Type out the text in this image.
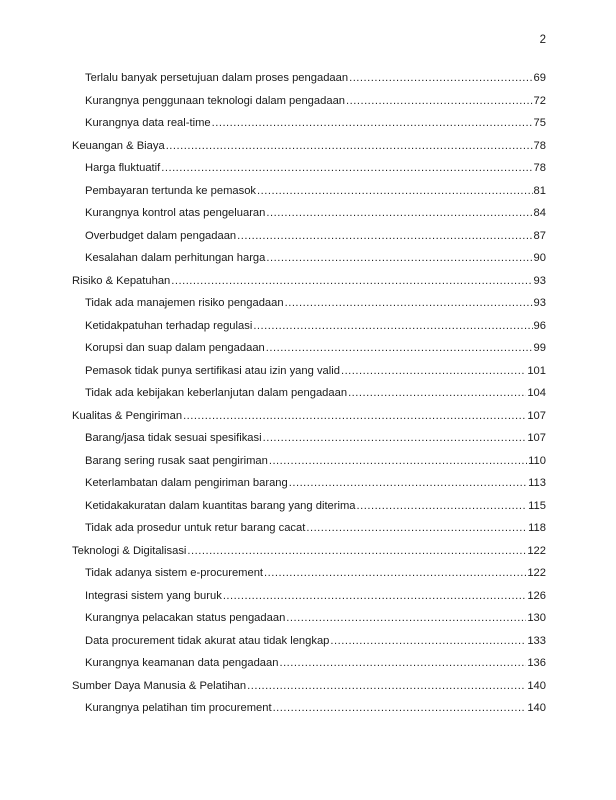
2
Terlalu banyak persetujuan dalam proses pengadaan .....	69
Kurangnya penggunaan teknologi dalam pengadaan .....	72
Kurangnya data real-time .....	75
Keuangan & Biaya .....	78
Harga fluktuatif .....	78
Pembayaran tertunda ke pemasok .....	81
Kurangnya kontrol atas pengeluaran .....	84
Overbudget dalam pengadaan .....	87
Kesalahan dalam perhitungan harga .....	90
Risiko & Kepatuhan .....	93
Tidak ada manajemen risiko pengadaan .....	93
Ketidakpatuhan terhadap regulasi .....	96
Korupsi dan suap dalam pengadaan .....	99
Pemasok tidak punya sertifikasi atau izin yang valid .....	101
Tidak ada kebijakan keberlanjutan dalam pengadaan .....	104
Kualitas & Pengiriman .....	107
Barang/jasa tidak sesuai spesifikasi .....	107
Barang sering rusak saat pengiriman .....	110
Keterlambatan dalam pengiriman barang .....	113
Ketidakakuratan dalam kuantitas barang yang diterima .....	115
Tidak ada prosedur untuk retur barang cacat .....	118
Teknologi & Digitalisasi .....	122
Tidak adanya sistem e-procurement .....	122
Integrasi sistem yang buruk .....	126
Kurangnya pelacakan status pengadaan .....	130
Data procurement tidak akurat atau tidak lengkap .....	133
Kurangnya keamanan data pengadaan .....	136
Sumber Daya Manusia & Pelatihan .....	140
Kurangnya pelatihan tim procurement .....	140
